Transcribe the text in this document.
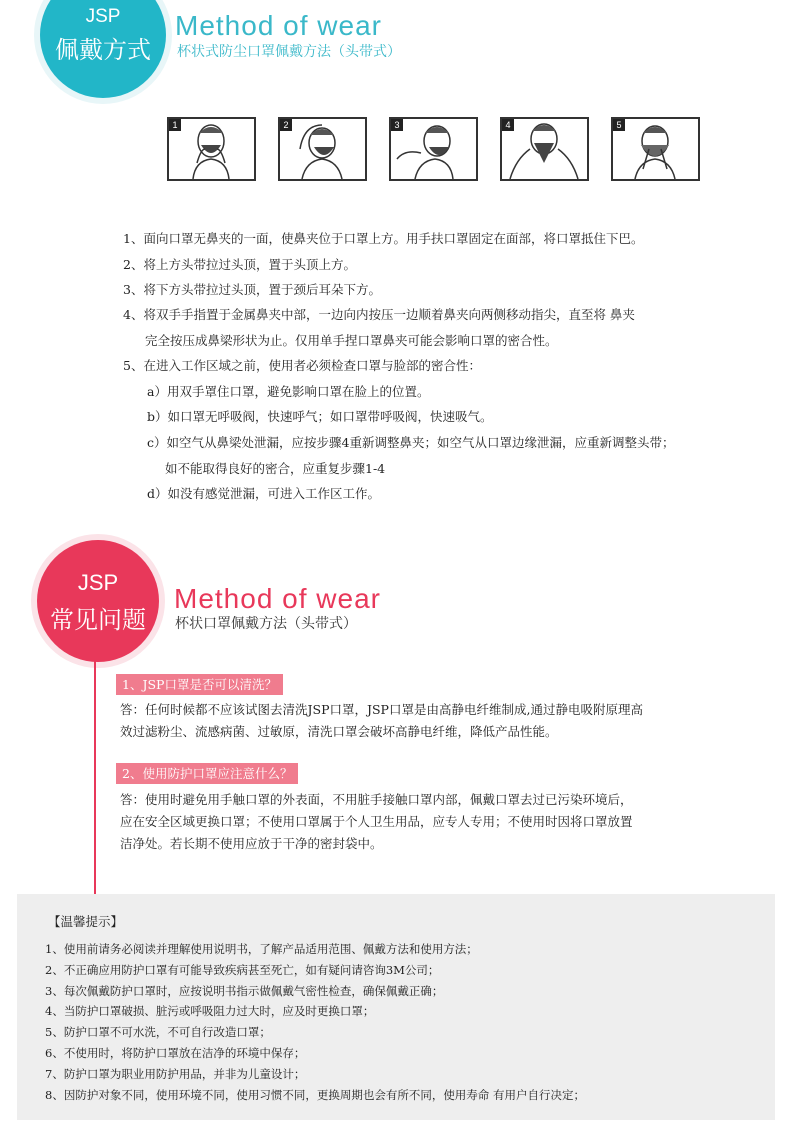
JSP
佩戴方式
Method of wear
杯状式防尘口罩佩戴方法（头带式）
1	2	3	4	5
1、面向口罩无鼻夹的一面，使鼻夹位于口罩上方。用手扶口罩固定在面部，将口罩抵住下巴。
2、将上方头带拉过头顶，置于头顶上方。
3、将下方头带拉过头顶，置于颈后耳朵下方。
4、将双手手指置于金属鼻夹中部，一边向内按压一边顺着鼻夹向两侧移动指尖，直至将 鼻夹
完全按压成鼻梁形状为止。仅用单手捏口罩鼻夹可能会影响口罩的密合性。
5、在进入工作区域之前，使用者必须检查口罩与脸部的密合性：
a）用双手罩住口罩，避免影响口罩在脸上的位置。
b）如口罩无呼吸阀，快速呼气；如口罩带呼吸阀，快速吸气。
c）如空气从鼻梁处泄漏，应按步骤4重新调整鼻夹；如空气从口罩边缘泄漏，应重新调整头带；
如不能取得良好的密合，应重复步骤1-4
d）如没有感觉泄漏，可进入工作区工作。
JSP
常见问题
Method of wear
杯状口罩佩戴方法（头带式）
1、JSP口罩是否可以清洗？
答：任何时候都不应该试图去清洗JSP口罩，JSP口罩是由高静电纤维制成,通过静电吸附原理高
效过滤粉尘、流感病菌、过敏原，清洗口罩会破坏高静电纤维，降低产品性能。
2、使用防护口罩应注意什么？
答：使用时避免用手触口罩的外表面，不用脏手接触口罩内部，佩戴口罩去过已污染环境后，
应在安全区域更换口罩；不使用口罩属于个人卫生用品，应专人专用；不使用时因将口罩放置
洁净处。若长期不使用应放于干净的密封袋中。
【温馨提示】
1、使用前请务必阅读并理解使用说明书，了解产品适用范围、佩戴方法和使用方法；
2、不正确应用防护口罩有可能导致疾病甚至死亡，如有疑问请咨询3M公司；
3、每次佩戴防护口罩时，应按说明书指示做佩戴气密性检查，确保佩戴正确；
4、当防护口罩破损、脏污或呼吸阻力过大时，应及时更换口罩；
5、防护口罩不可水洗，不可自行改造口罩；
6、不使用时，将防护口罩放在洁净的环境中保存；
7、防护口罩为职业用防护用品，并非为儿童设计；
8、因防护对象不同，使用环境不同，使用习惯不同，更换周期也会有所不同，使用寿命 有用户自行决定；
